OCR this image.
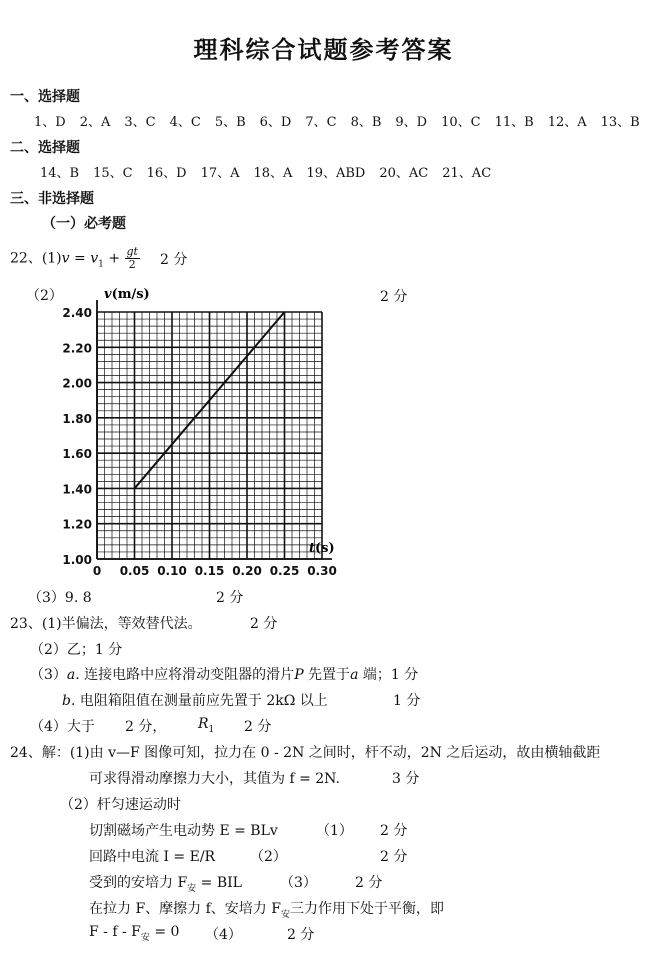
理科综合试题参考答案
一、选择题
1、D 2、A 3、C 4、C 5、B 6、D 7、C 8、B 9、D 10、C 11、B 12、A 13、B
二、选择题
14、B 15、C 16、D 17、A 18、A 19、ABD 20、AC 21、AC
三、非选择题
（一）必考题
22、$(1)v = v_1 + \frac{gt}{2} 2$ 分
（2）	2 分
2.40
2.20
2.00
1.80
1.60
1.40
1.20
1.00
0 0.05 0.10 0.15 0.20 0.25 0.30
v(m/s)
t(s)
（3）9. 8	2 分
23、(1)半偏法，等效替代法。	2 分
（2）乙；1 分
（3）a. 连接电路中应将滑动变阻器的滑片P 先置于a 端；1 分
b. 电阻箱阻值在测量前应先置于 2kΩ 以上	1 分
（4）大于 2 分， $R_1$ 2 分
24、解：(1)由 v—F 图像可知，拉力在 0 - 2N 之间时，杆不动，2N 之后运动，故由横轴截距
可求得滑动摩擦力大小，其值为 f = 2N.	3 分
（2）杆匀速运动时
切割磁场产生电动势 E = BLv	（1） 2 分
回路中电流 I = E/R （2）	2 分
受到的安培力 $F_安$ = BIL	（3）	2 分
在拉力 F、摩擦力 f、安培力 $F_安$三力作用下处于平衡，即
$F - f - F_安 = 0$ （4）	2 分
